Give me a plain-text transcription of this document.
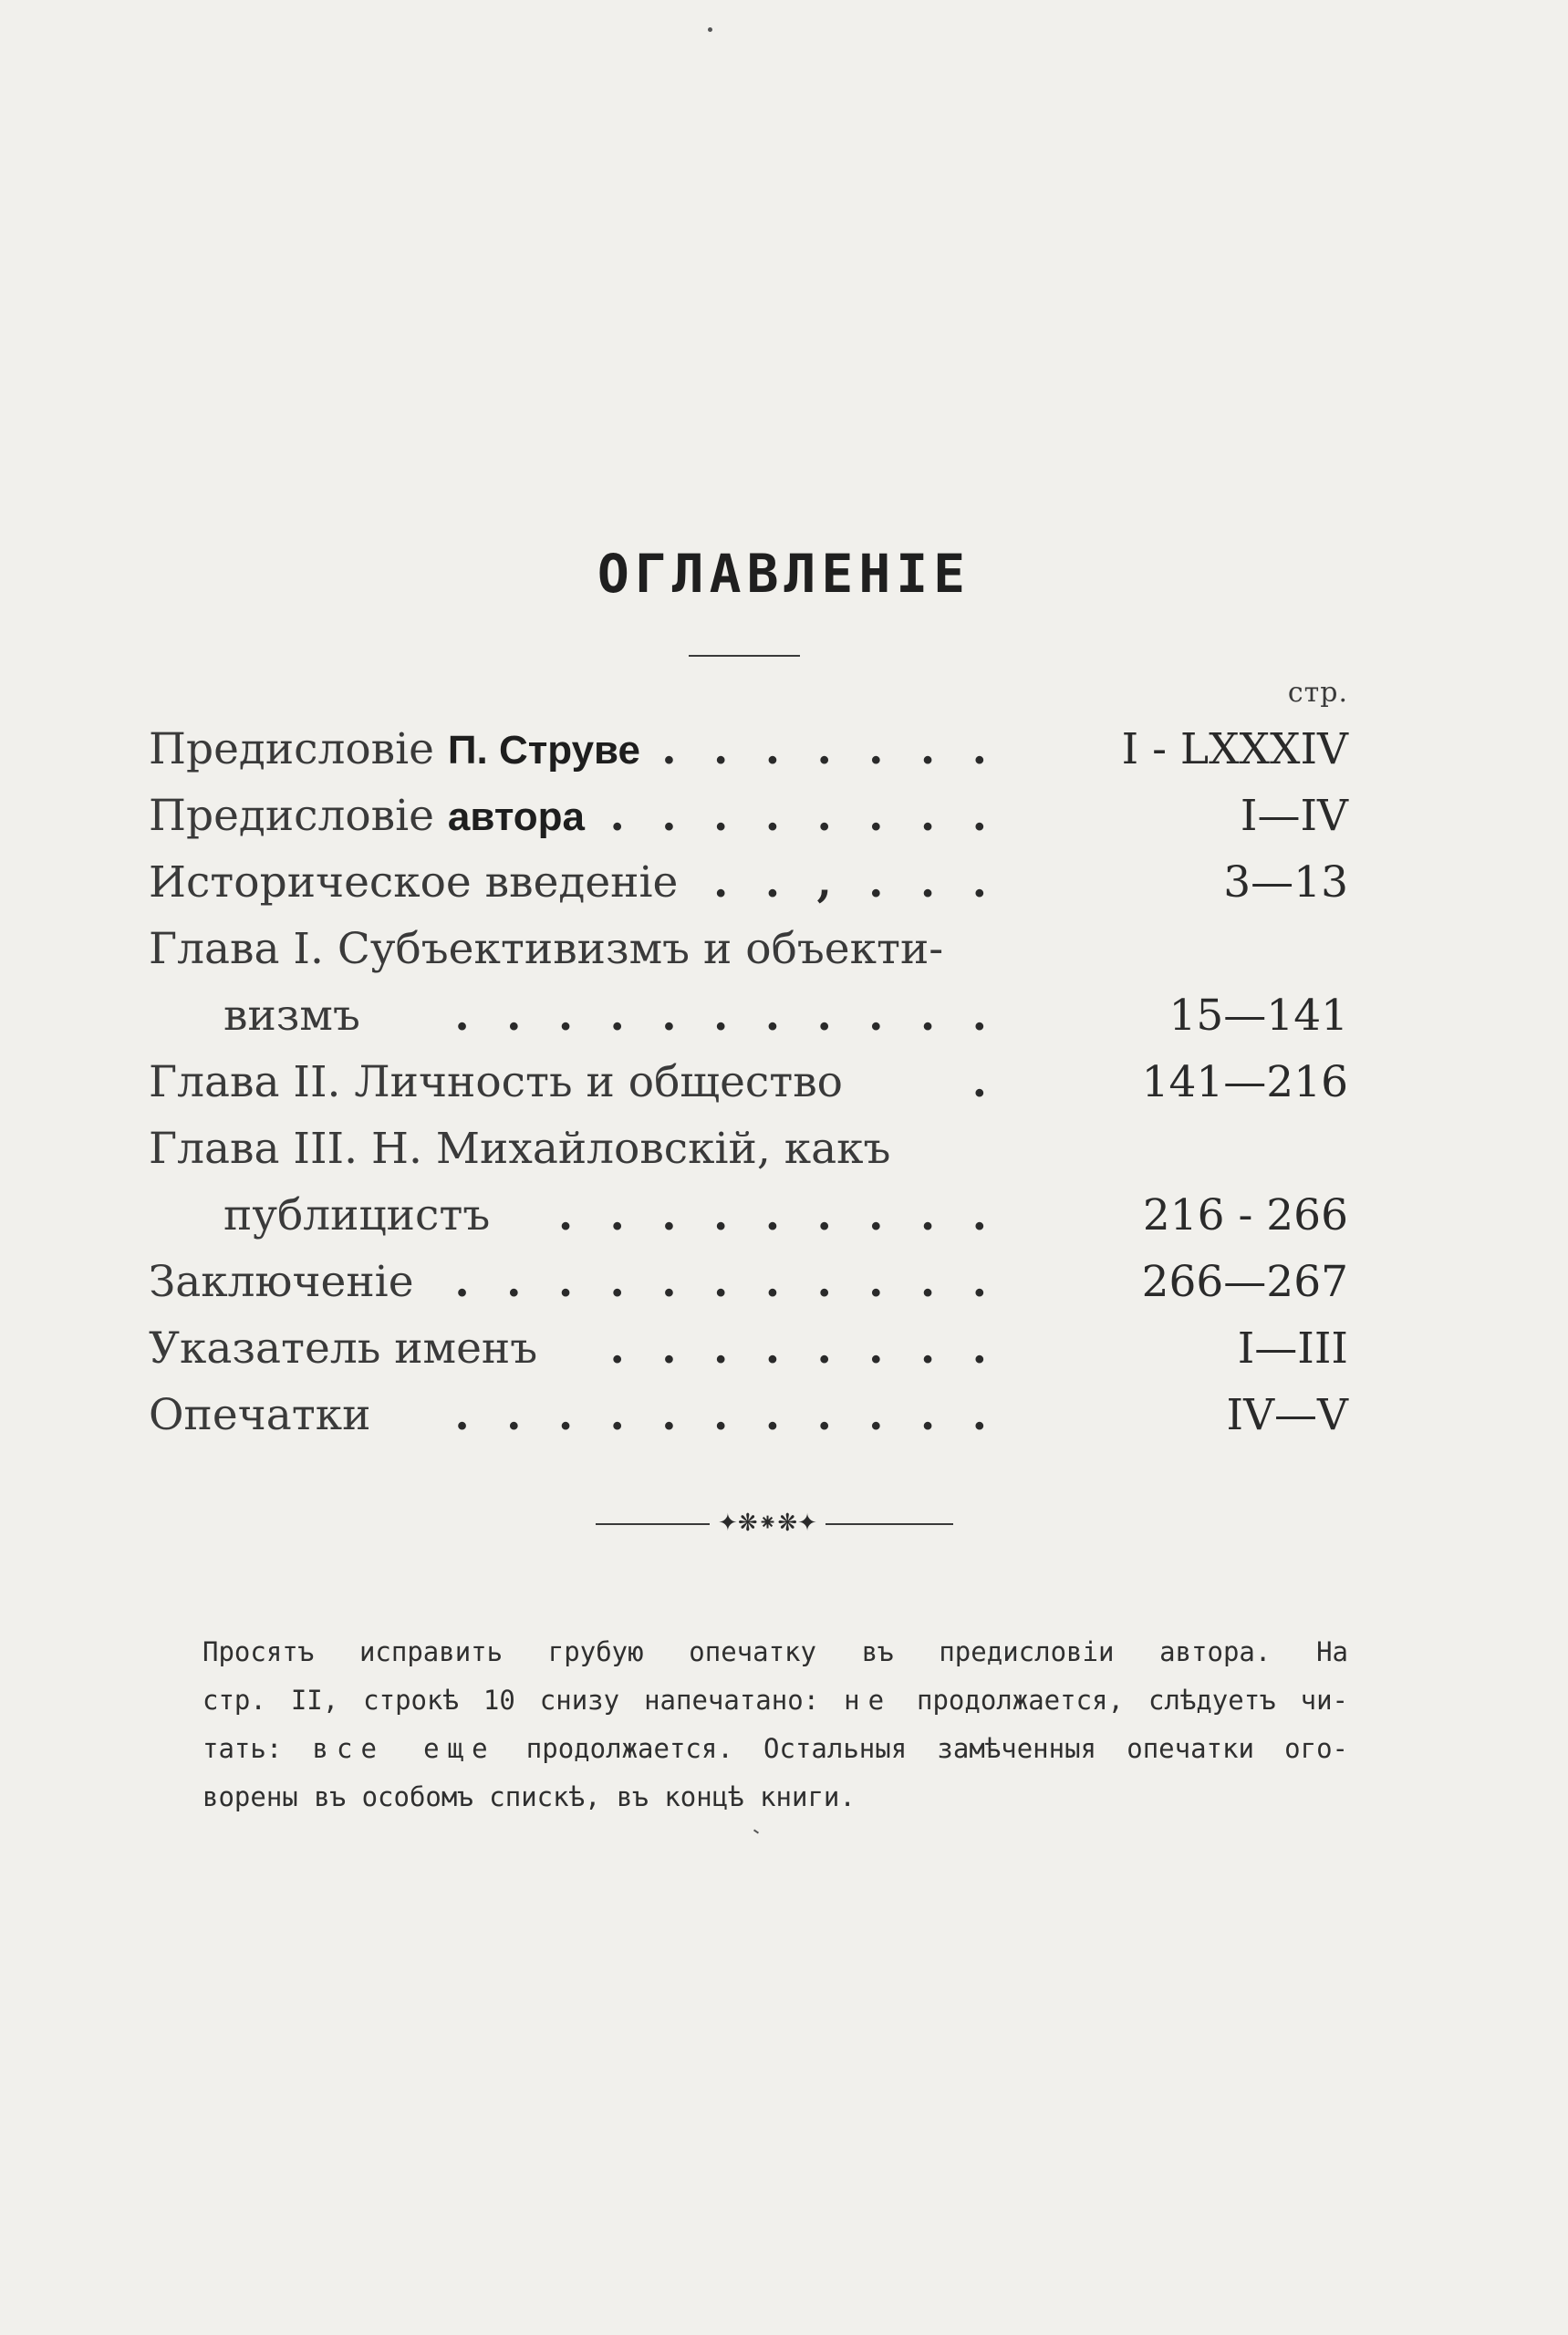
ОГЛАВЛЕНІЕ
стр.
Предисловіе П. Струве . . . . . . .	I - LXXXIV
Предисловіе автора . . . . . . . .	I—IV
Историческое введеніе . . , . . .	3—13
Глава I. Субъективизмъ и объекти-
визмъ . . . . . . . . . . .	15—141
Глава II. Личность и общество	.	141—216
Глава III. Н. Михайловскій, какъ
публицистъ . . . . . . . . .	216 - 266
Заключеніе . . . . . . . . . . .	266—267
Указатель именъ . . . . . . . .	I—III
Опечатки . . . . . . . . . . .	IV—V
✦❋⁕❋✦
Просятъ исправить грубую опечатку въ предисловіи автора. На
стр. II, строкѣ 10 снизу напечатано: не продолжается, слѣдуетъ чи-
тать: все еще продолжается. Остальныя замѣченныя опечатки ого-
ворены въ особомъ спискѣ, въ концѣ книги.
